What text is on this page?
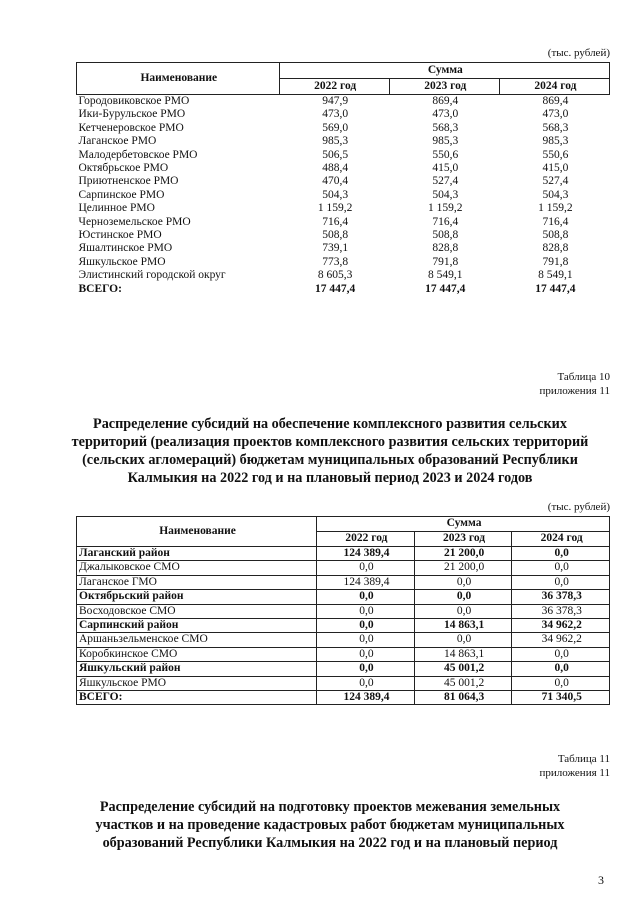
(тыс. рублей)
Наименование	Сумма		
	2022 год	2023 год	2024 год
Городовиковское РМО	947,9	869,4	869,4
Ики-Бурульское РМО	473,0	473,0	473,0
Кетченеровское РМО	569,0	568,3	568,3
Лаганское РМО	985,3	985,3	985,3
Малодербетовское РМО	506,5	550,6	550,6
Октябрьское РМО	488,4	415,0	415,0
Приютненское РМО	470,4	527,4	527,4
Сарпинское РМО	504,3	504,3	504,3
Целинное РМО	1 159,2	1 159,2	1 159,2
Черноземельское РМО	716,4	716,4	716,4
Юстинское РМО	508,8	508,8	508,8
Яшалтинское РМО	739,1	828,8	828,8
Яшкульское РМО	773,8	791,8	791,8
Элистинский городской округ	8 605,3	8 549,1	8 549,1
ВСЕГО:	17 447,4	17 447,4	17 447,4
Таблица 10
приложения 11
Распределение субсидий на обеспечение комплексного развития сельских территорий (реализация проектов комплексного развития сельских территорий (сельских агломераций) бюджетам муниципальных образований Республики Калмыкия на 2022 год и на плановый период 2023 и 2024 годов
(тыс. рублей)
Наименование	Сумма		
	2022 год	2023 год	2024 год
Лаганский район	124 389,4	21 200,0	0,0
Джалыковское СМО	0,0	21 200,0	0,0
Лаганское ГМО	124 389,4	0,0	0,0
Октябрьский район	0,0	0,0	36 378,3
Восходовское СМО	0,0	0,0	36 378,3
Сарпинский район	0,0	14 863,1	34 962,2
Аршаньзельменское СМО	0,0	0,0	34 962,2
Коробкинское СМО	0,0	14 863,1	0,0
Яшкульский район	0,0	45 001,2	0,0
Яшкульское РМО	0,0	45 001,2	0,0
ВСЕГО:	124 389,4	81 064,3	71 340,5
Таблица 11
приложения 11
Распределение субсидий на подготовку проектов межевания земельных участков и на проведение кадастровых работ бюджетам муниципальных образований Республики Калмыкия на 2022 год и на плановый период
3
